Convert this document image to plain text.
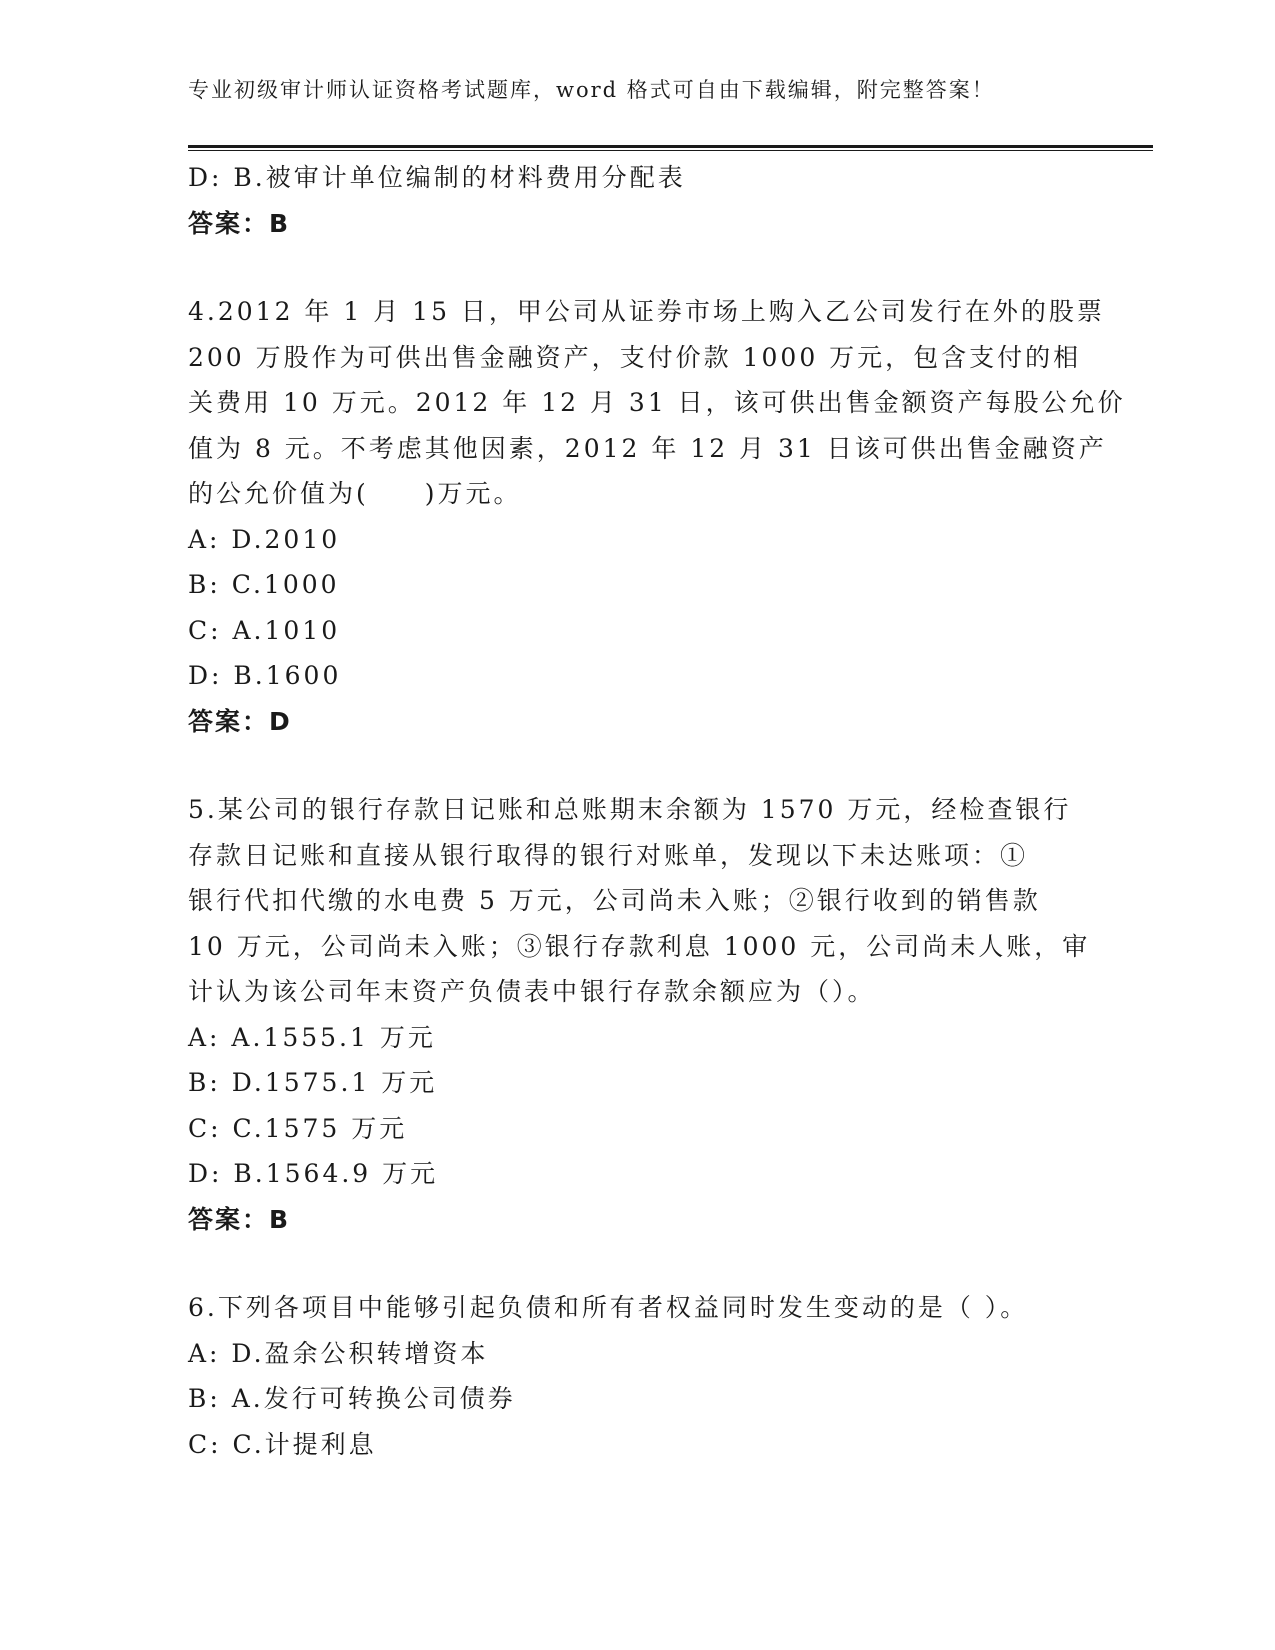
专业初级审计师认证资格考试题库，word 格式可自由下载编辑，附完整答案！
D: B.被审计单位编制的材料费用分配表
答案：B
4.2012 年 1 月 15 日，甲公司从证券市场上购入乙公司发行在外的股票
200 万股作为可供出售金融资产，支付价款 1000 万元，包含支付的相
关费用 10 万元。2012 年 12 月 31 日，该可供出售金额资产每股公允价
值为 8 元。不考虑其他因素，2012 年 12 月 31 日该可供出售金融资产
的公允价值为(　　)万元。
A: D.2010
B: C.1000
C: A.1010
D: B.1600
答案：D
5.某公司的银行存款日记账和总账期末余额为 1570 万元，经检查银行
存款日记账和直接从银行取得的银行对账单，发现以下未达账项：①
银行代扣代缴的水电费 5 万元，公司尚未入账；②银行收到的销售款
10 万元，公司尚未入账；③银行存款利息 1000 元，公司尚未人账，审
计认为该公司年末资产负债表中银行存款余额应为（）。
A: A.1555.1 万元
B: D.1575.1 万元
C: C.1575 万元
D: B.1564.9 万元
答案：B
6.下列各项目中能够引起负债和所有者权益同时发生变动的是（ ）。
A: D.盈余公积转增资本
B: A.发行可转换公司债券
C: C.计提利息
